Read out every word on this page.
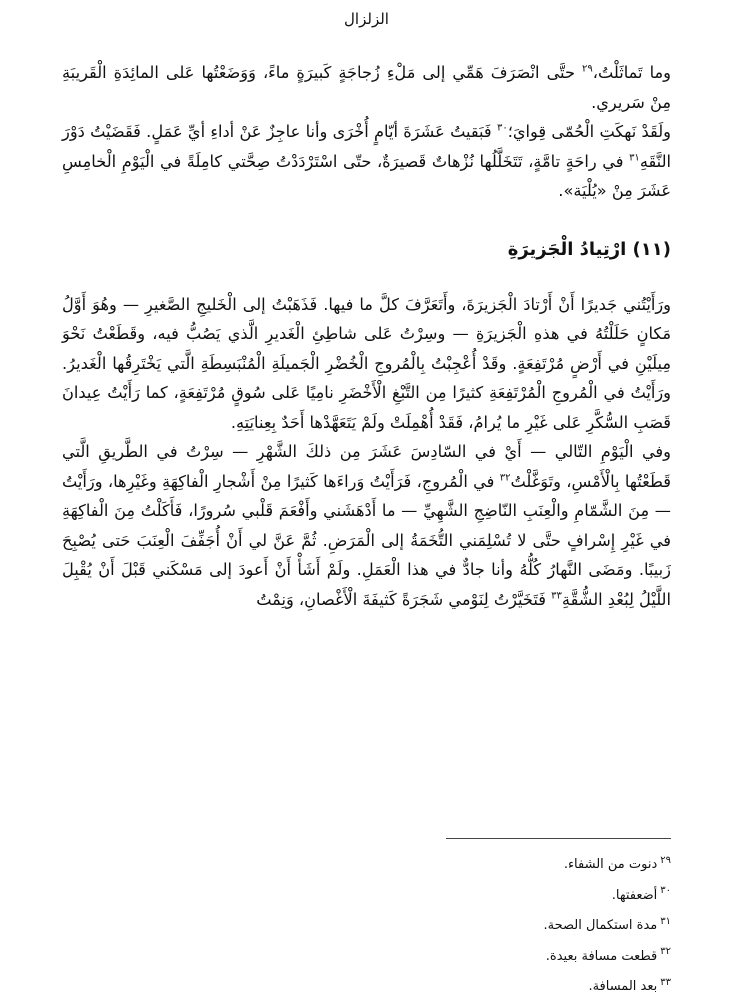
الزلزال

وما تَماثَلْتُ،$^{٢٩}$ حتَّى انْصَرَفَ هَمِّي إلى مَلْءِ زُجاجَةٍ كَبيرَةٍ ماءً، وَوَضَعْتُها عَلى المائِدَةِ الْقَريبَةِ مِنْ سَريري.

ولَقَدْ نَهكَتِ الْحُمّى قِوايَ؛$^{٣٠}$ فَبَقيتُ عَشَرَةَ أيّامٍ أُخْرَى وأنا عاجِزٌ عَنْ أداءِ أيِّ عَمَلٍ. فَقَضَيْتُ دَوْرَ النَّقَهِ$^{٣١}$ في راحَةٍ تامَّةٍ، تَتَخَلَّلُها نُزْهاتٌ قَصيرَةٌ، حتّى اسْتَرْدَدْتُ صِحَّتي كامِلَةً في الْيَوْمِ الْخامِسِ عَشَرَ مِنْ «يُلْيَة».

(١١) ارْتِيادُ الْجَزيرَةِ

ورَأَيْتُني جَديرًا أَنْ أَرْتادَ الْجَزيرَةَ، وأَتَعَرَّفَ كلَّ ما فيها. فَذَهَبْتُ إلى الْخَليجِ الصَّغيرِ — وهُوَ أَوَّلُ مَكانٍ حَلَلْتُهُ في هذهِ الْجَزيرَةِ — وسِرْتُ عَلى شاطِئِ الْغَديرِ الَّذي يَصُبُّ فيه، وقَطَعْتُ نَحْوَ مِيلَيْنِ في أَرْضٍ مُرْتَفِعَةٍ. وقَدْ أُعْجِبْتُ بِالْمُروجِ الْخُضْرِ الْجَميلَةِ الْمُنْبَسِطَةِ الَّتي يَخْتَرِقُها الْغَديرُ. ورَأَيْتُ في الْمُروجِ الْمُرْتَفِعَةِ كثيرًا مِن التَّبْغِ الْأَخْضَرِ نامِيًا عَلى سُوقٍ مُرْتَفِعَةٍ، كما رَأَيْتُ عِيدانَ قَصَبِ السُّكَّرِ عَلى غَيْرِ ما يُرامُ، فَقَدْ أُهْمِلَتْ ولَمْ يَتَعَهَّدْها أَحَدٌ بِعِنايَتِهِ.

وفي الْيَوْمِ التّالي — أَيْ في السّادِسَ عَشَرَ مِن ذلكَ الشَّهْرِ — سِرْتُ في الطَّريقِ الَّتي قَطَعْتُها بِالْأَمْسِ، وتَوَغَّلْتُ$^{٣٢}$ في الْمُروجِ، فَرَأَيْتُ وَراءَها كَثيرًا مِنْ أَشْجارِ الْفاكِهَةِ وغَيْرِها، ورَأَيْتُ — مِنَ الشَّمّامِ والْعِنَبِ النّاضِجِ الشَّهِيِّ — ما أَدْهَشَني وأَفْعَمَ قَلْبي سُرورًا، فَأَكَلْتُ مِنَ الْفاكِهَةِ في غَيْرِ إِسْرافٍ حتَّى لا تُسْلِمَني التُّخَمَةُ إلى الْمَرَضِ. ثُمَّ عَنَّ لي أَنْ أُجَفِّفَ الْعِنَبَ حَتى يُصْبِحَ زَبيبًا. ومَضَى النَّهارُ كُلُّهُ وأنا جادٌّ في هذا الْعَمَلِ. ولَمْ أَشَأْ أَنْ أَعودَ إلى مَسْكَني قَبْلَ أَنْ يُقْبِلَ اللَّيْلُ لِبُعْدِ الشُّقَّةِ$^{٣٣}$ فَتَخَيَّرْتُ لِنَوْمي شَجَرَةً كَثيفَةَ الْأَغْصانِ، وَنِمْتُ

$^{٢٩}$دنوت من الشفاء.
$^{٣٠}$أضعفتها.
$^{٣١}$مدة استكمال الصحة.
$^{٣٢}$قطعت مسافة بعيدة.
$^{٣٣}$بعد المسافة.
